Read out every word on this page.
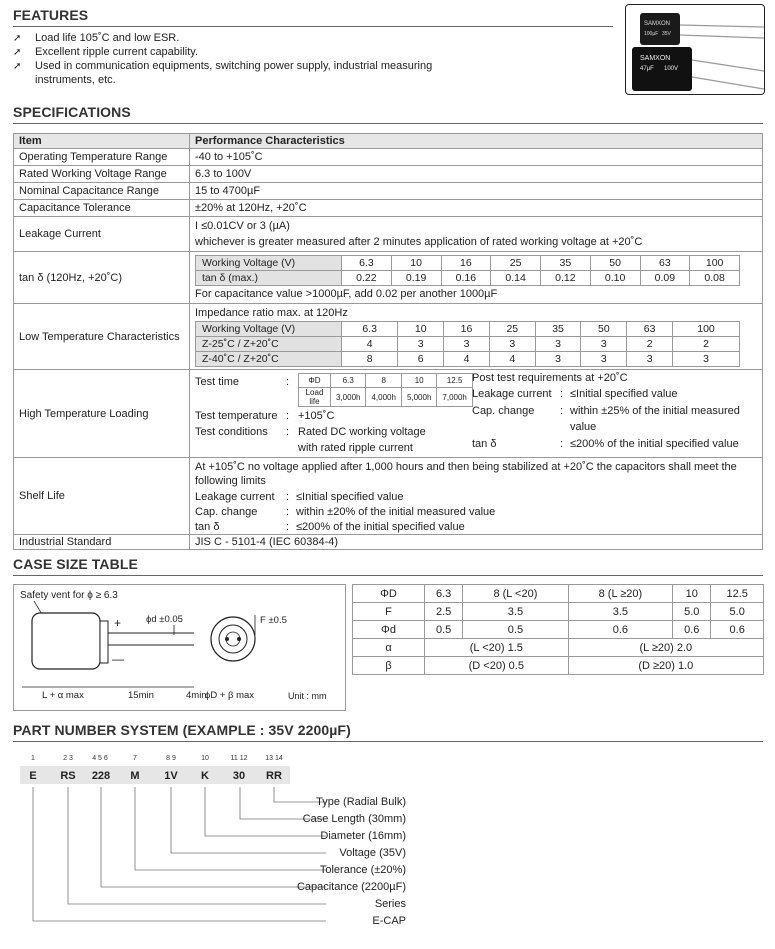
FEATURES
➚ Load life 105˚C and low ESR.
➚ Excellent ripple current capability.
➚ Used in communication equipments, switching power supply, industrial measuring
instruments, etc.
SAMXON
100µF 35V
SAMXON
47µF 100V
SPECIFICATIONS
Item	Performance Characteristics
Operating Temperature Range	-40 to +105˚C
Rated Working Voltage Range	6.3 to 100V
Nominal Capacitance Range	15 to 4700µF
Capacitance Tolerance	±20% at 120Hz, +20˚C
Leakage Current	
I ≤0.01CV or 3 (µA)
whichever is greater measured after 2 minutes application of rated working voltage at +20˚C

tan δ (120Hz, +20˚C)	
Working Voltage (V)	6.3	10	16	25	35	50	63	100
tan δ (max.)	0.22	0.19	0.16	0.14	0.12	0.10	0.09	0.08
For capacitance value >1000µF, add 0.02 per another 1000µF

Low Temperature Characteristics	
Impedance ratio max. at 120Hz
Working Voltage (V)	6.3	10	16	25	35	50	63	100
Z-25˚C / Z+20˚C	4	3	3	3	3	3	2	2
Z-40˚C / Z+20˚C	8	6	4	4	3	3	3	3

High Temperature Loading	
Test time	: ΦD	6.3	8	10	12.5
Load life	3,000h	4,000h	5,000h	7,000h
Test temperature : +105˚C
Test conditions : Rated DC working voltage
with rated ripple current
Post test requirements at +20˚C
Leakage current : ≤Initial specified value
Cap. change : within ±25% of the initial measured
value
tan δ	: ≤200% of the initial specified value

Shelf Life	
At +105˚C no voltage applied after 1,000 hours and then being stabilized at +20˚C the capacitors shall meet the
following limits
Leakage current : ≤Initial specified value
Cap. change	: within ±20% of the initial measured value
tan δ	: ≤200% of the initial specified value

Industrial Standard	JIS C - 5101-4 (IEC 60384-4)
CASE SIZE TABLE
Safety vent for ϕ ≥ 6.3
+
—
ϕd ±0.05	F ±0.5
L + α max	15min	4min
ϕD + β max	Unit : mm
ΦD	6.3	8 (L <20)	8 (L ≥20)	10	12.5
F	2.5	3.5	3.5	5.0	5.0
Φd	0.5	0.5	0.6	0.6	0.6
α	(L <20) 1.5		(L ≥20) 2.0		
β	(D <20) 0.5		(D ≥20) 1.0		
PART NUMBER SYSTEM (EXAMPLE : 35V 2200µF)
1	2 3	4 5 6	7	8 9	10	11 12	13 14
E	RS	228	M	1V	K	30	RR
Type (Radial Bulk)
Case Length (30mm)
Diameter (16mm)
Voltage (35V)
Tolerance (±20%)
Capacitance (2200µF)
Series
E-CAP
